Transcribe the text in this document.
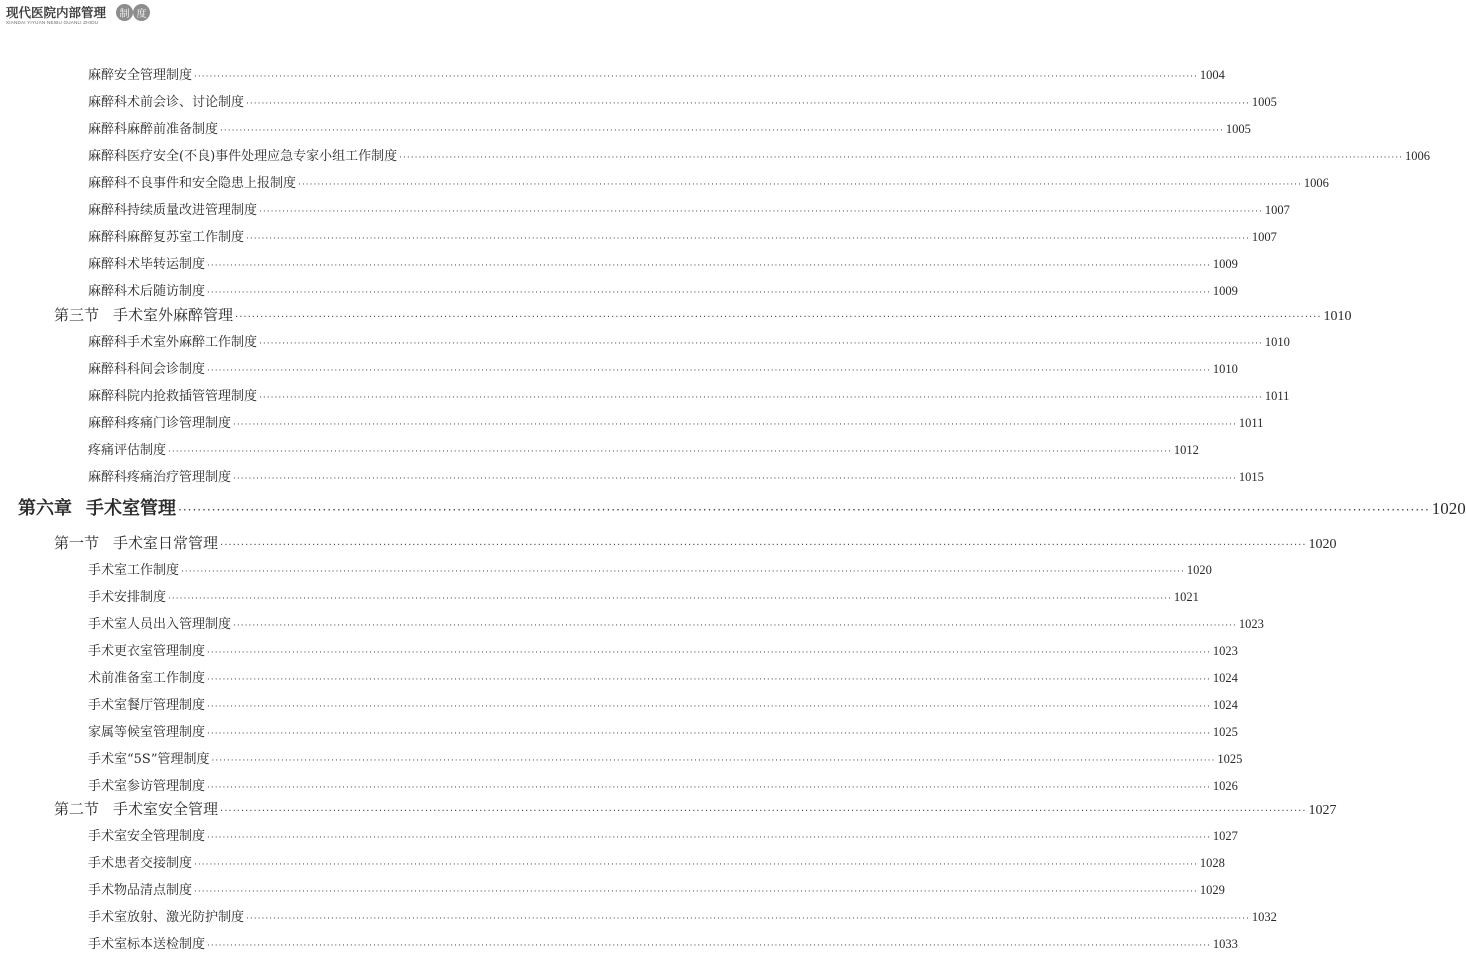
现代医院内部管理
XIANDAI YIYUAN NEIBU GUANLI ZHIDU
制 度
麻醉安全管理制度 ···································································································································································································································································· 1004
麻醉科术前会诊、讨论制度 ···································································································································································································································································· 1005
麻醉科麻醉前准备制度 ···································································································································································································································································· 1005
麻醉科医疗安全(不良)事件处理应急专家小组工作制度 ···································································································································································································································································· 1006
麻醉科不良事件和安全隐患上报制度 ···································································································································································································································································· 1006
麻醉科持续质量改进管理制度 ···································································································································································································································································· 1007
麻醉科麻醉复苏室工作制度 ···································································································································································································································································· 1007
麻醉科术毕转运制度 ···································································································································································································································································· 1009
麻醉科术后随访制度 ···································································································································································································································································· 1009
第三节 手术室外麻醉管理 ···································································································································································································································································· 1010
麻醉科手术室外麻醉工作制度 ···································································································································································································································································· 1010
麻醉科科间会诊制度 ···································································································································································································································································· 1010
麻醉科院内抢救插管管理制度 ···································································································································································································································································· 1011
麻醉科疼痛门诊管理制度 ···································································································································································································································································· 1011
疼痛评估制度 ···································································································································································································································································· 1012
麻醉科疼痛治疗管理制度 ···································································································································································································································································· 1015
第六章 手术室管理 ···································································································································································································································································· 1020
第一节 手术室日常管理 ···································································································································································································································································· 1020
手术室工作制度 ···································································································································································································································································· 1020
手术安排制度 ···································································································································································································································································· 1021
手术室人员出入管理制度 ···································································································································································································································································· 1023
手术更衣室管理制度 ···································································································································································································································································· 1023
术前准备室工作制度 ···································································································································································································································································· 1024
手术室餐厅管理制度 ···································································································································································································································································· 1024
家属等候室管理制度 ···································································································································································································································································· 1025
手术室“5S”管理制度 ···································································································································································································································································· 1025
手术室参访管理制度 ···································································································································································································································································· 1026
第二节 手术室安全管理 ···································································································································································································································································· 1027
手术室安全管理制度 ···································································································································································································································································· 1027
手术患者交接制度 ···································································································································································································································································· 1028
手术物品清点制度 ···································································································································································································································································· 1029
手术室放射、激光防护制度 ···································································································································································································································································· 1032
手术室标本送检制度 ···································································································································································································································································· 1033
